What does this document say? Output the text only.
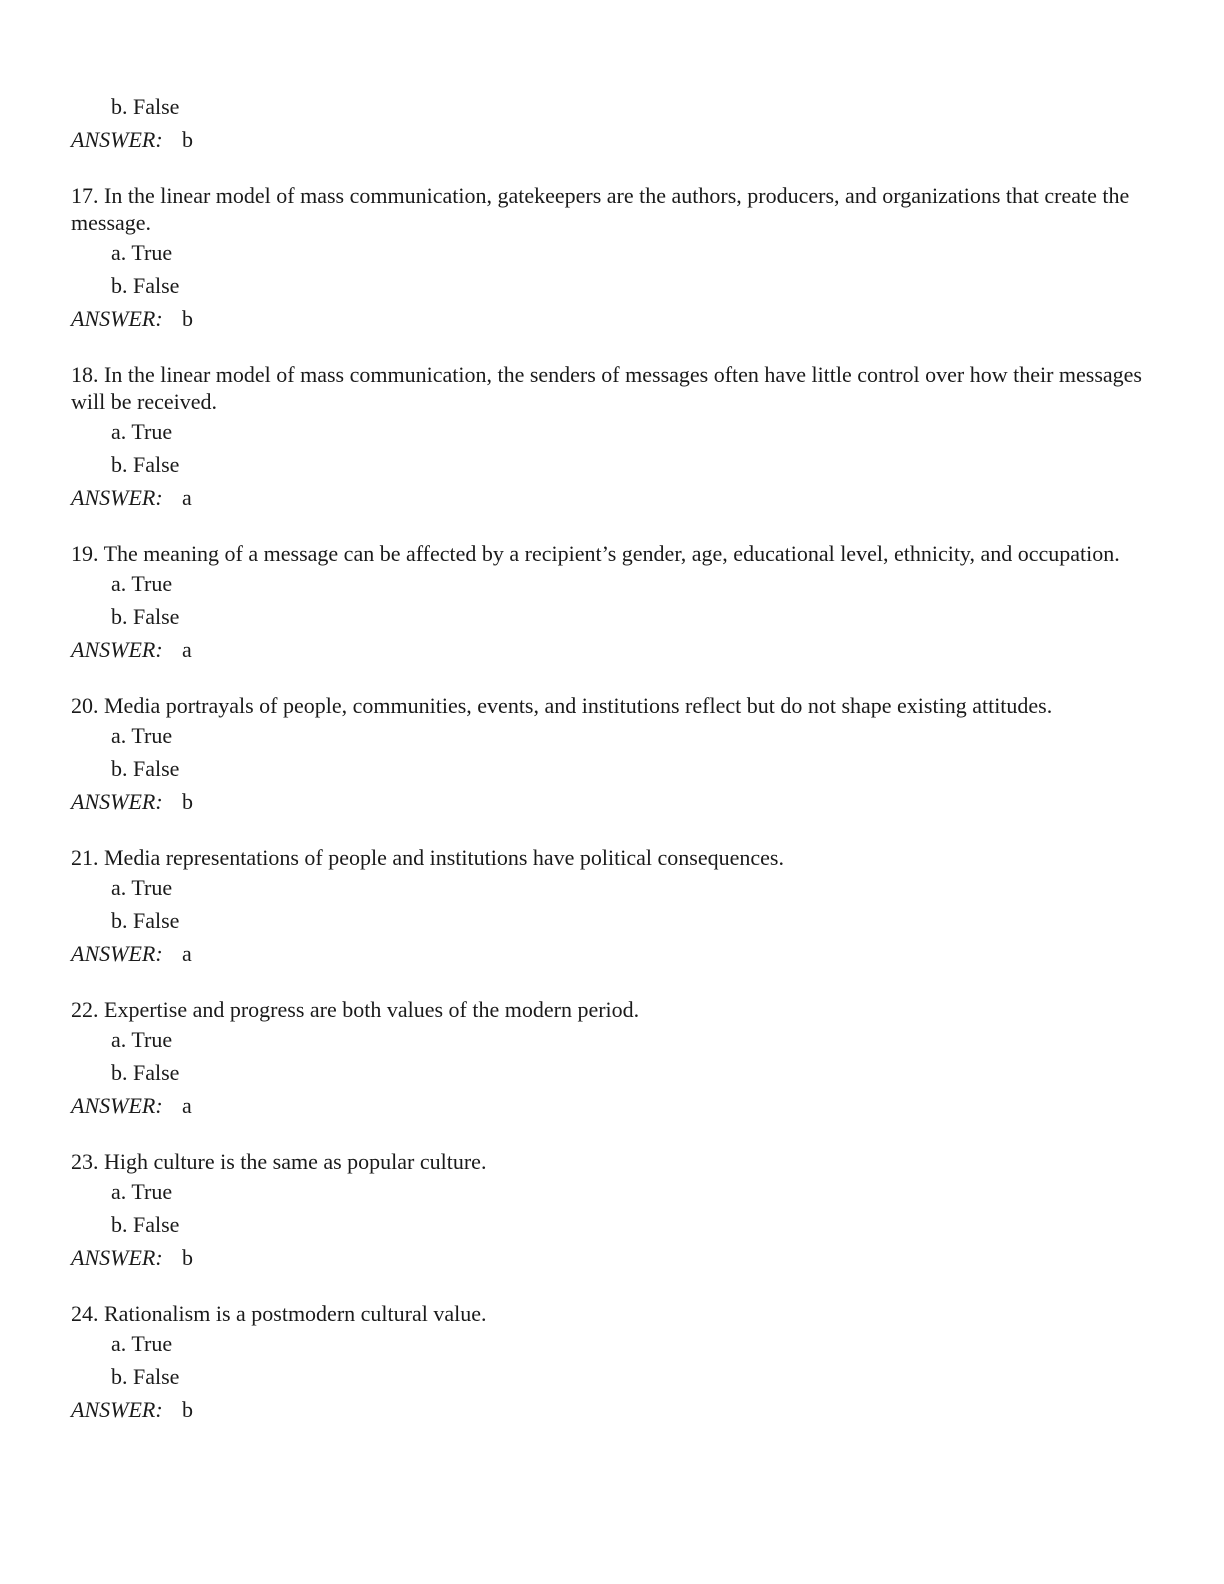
b. False

ANSWER: b

17. In the linear model of mass communication, gatekeepers are the authors, producers, and organizations that create the message.

a. True

b. False

ANSWER: b

18. In the linear model of mass communication, the senders of messages often have little control over how their messages will be received.

a. True

b. False

ANSWER: a

19. The meaning of a message can be affected by a recipient’s gender, age, educational level, ethnicity, and occupation.

a. True

b. False

ANSWER: a

20. Media portrayals of people, communities, events, and institutions reflect but do not shape existing attitudes.

a. True

b. False

ANSWER: b

21. Media representations of people and institutions have political consequences.

a. True

b. False

ANSWER: a

22. Expertise and progress are both values of the modern period.

a. True

b. False

ANSWER: a

23. High culture is the same as popular culture.

a. True

b. False

ANSWER: b

24. Rationalism is a postmodern cultural value.

a. True

b. False

ANSWER: b
